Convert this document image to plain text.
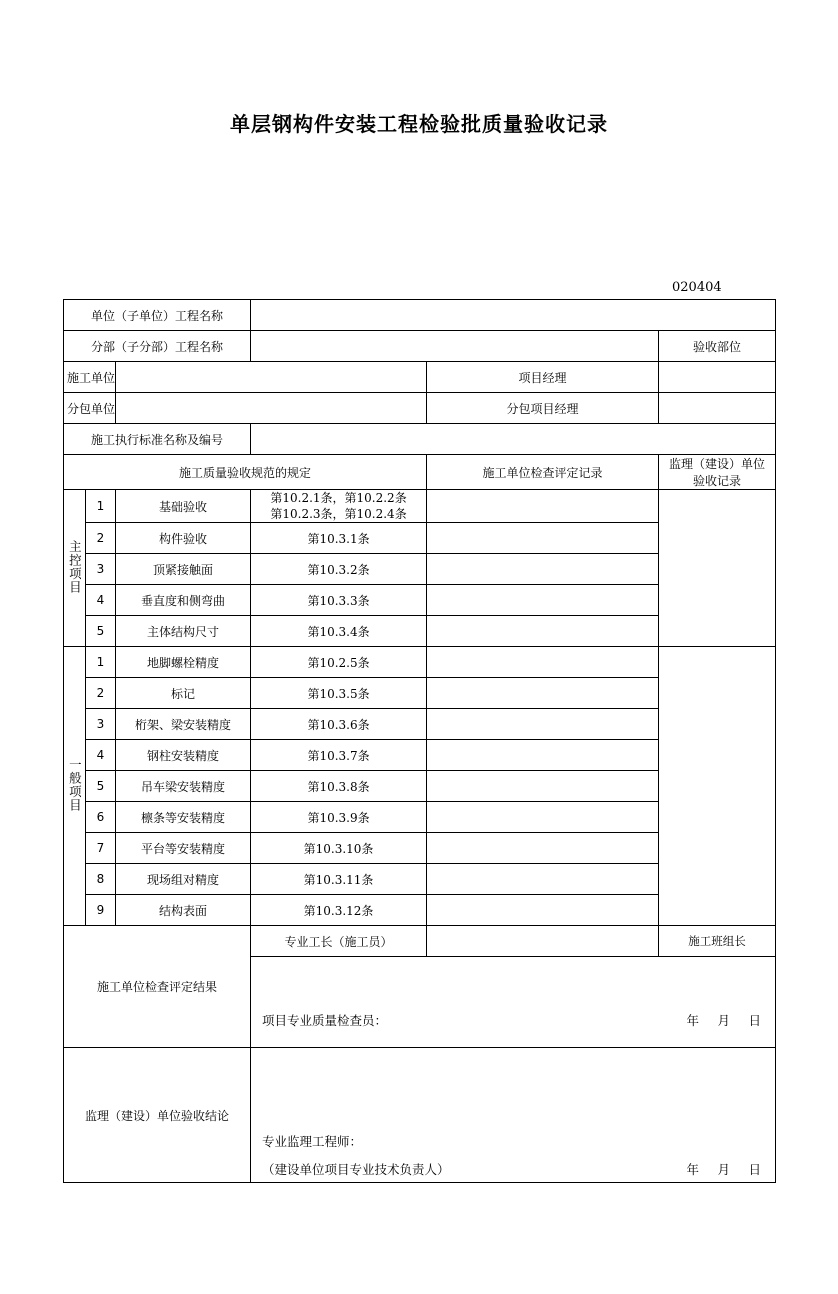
单层钢构件安装工程检验批质量验收记录
020404
单位（子单位）工程名称					
分部（子分部）工程名称					验收部位
施工单位				项目经理	
分包单位				分包项目经理	
施工执行标准名称及编号					
施工质量验收规范的规定				施工单位检查评定记录	监理（建设）单位
验收记录

主控项目	1	基础验收	第10.2.1条，第10.2.2条
第10.2.3条，第10.2.4条		

	2	构件验收	第10.3.1条		
	3	顶紧接触面	第10.3.2条		
	4	垂直度和侧弯曲	第10.3.3条		
	5	主体结构尺寸	第10.3.4条		
一般项目	1	地脚螺栓精度	第10.2.5条		
	2	标记	第10.3.5条		
	3	桁架、梁安装精度	第10.3.6条		
	4	钢柱安装精度	第10.3.7条		
	5	吊车梁安装精度	第10.3.8条		
	6	檩条等安装精度	第10.3.9条		
	7	平台等安装精度	第10.3.10条		
	8	现场组对精度	第10.3.11条		
	9	结构表面	第10.3.12条		
施工单位检查评定结果			专业工长（施工员）		施工班组长

			项目专业质量检查员： 年　月　日		

监理（建设）单位验收结论			专业监理工程师：
（建设单位项目专业技术负责人） 年　月　日		
